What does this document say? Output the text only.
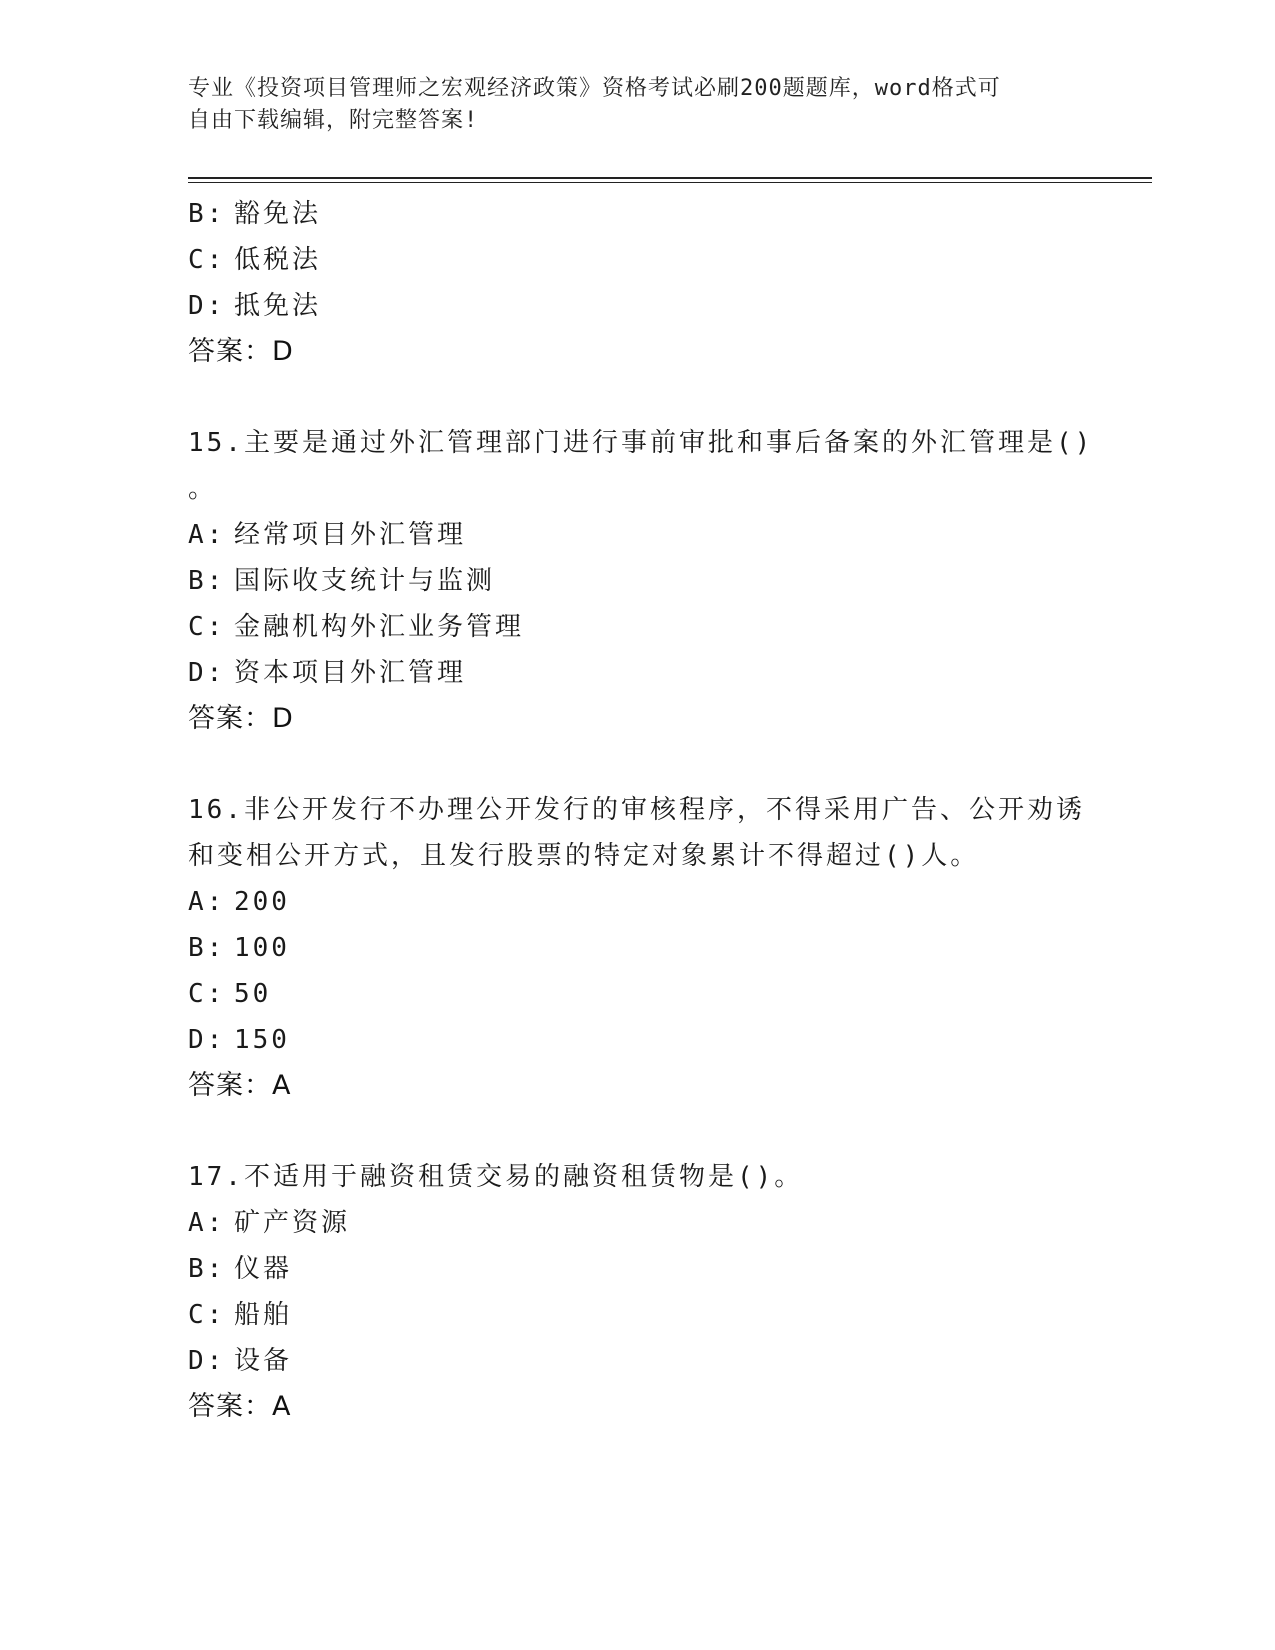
专业《投资项目管理师之宏观经济政策》资格考试必刷200题题库，word格式可
自由下载编辑，附完整答案!
B: 豁免法
C: 低税法
D: 抵免法
答案：D
15.主要是通过外汇管理部门进行事前审批和事后备案的外汇管理是()
。
A: 经常项目外汇管理
B: 国际收支统计与监测
C: 金融机构外汇业务管理
D: 资本项目外汇管理
答案：D
16.非公开发行不办理公开发行的审核程序，不得采用广告、公开劝诱
和变相公开方式，且发行股票的特定对象累计不得超过()人。
A: 200
B: 100
C: 50
D: 150
答案：A
17.不适用于融资租赁交易的融资租赁物是()。
A: 矿产资源
B: 仪器
C: 船舶
D: 设备
答案：A
